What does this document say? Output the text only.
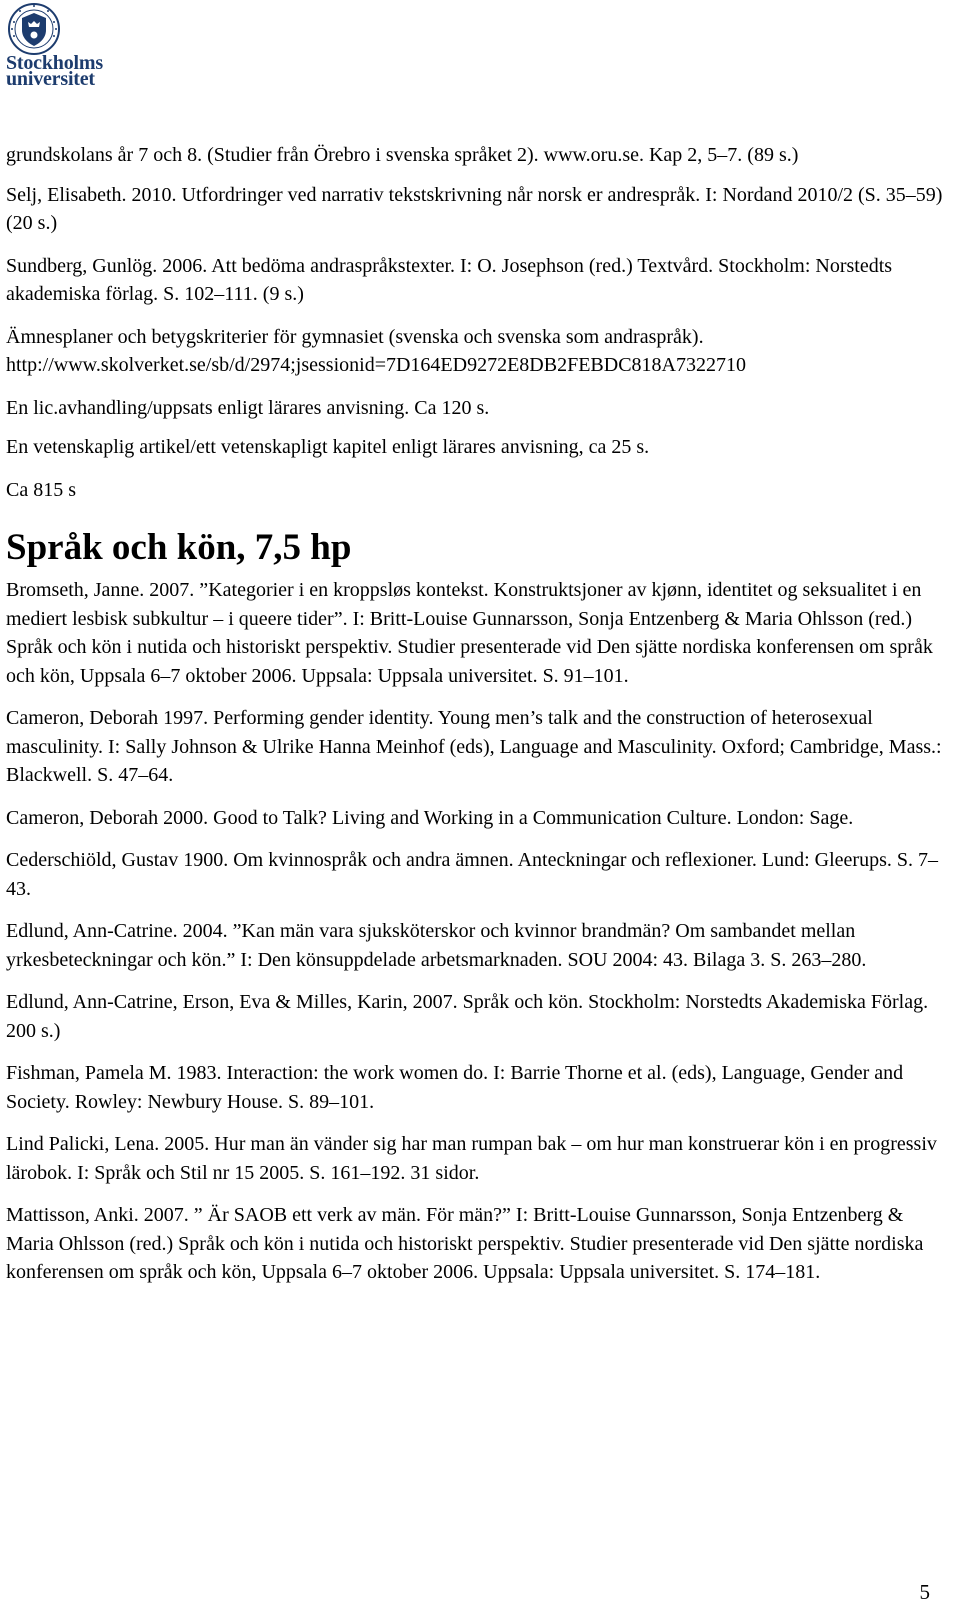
Stockholms
universitet

grundskolans år 7 och 8. (Studier från Örebro i svenska språket 2). www.oru.se. Kap 2, 5–7. (89 s.)

Selj, Elisabeth. 2010. Utfordringer ved narrativ tekstskrivning når norsk er andrespråk. I: Nordand 2010/2 (S. 35–59) (20 s.)

Sundberg, Gunlög. 2006. Att bedöma andraspråkstexter. I: O. Josephson (red.) Textvård. Stockholm: Norstedts akademiska förlag. S. 102–111. (9 s.)

Ämnesplaner och betygskriterier för gymnasiet (svenska och svenska som andraspråk). http://www.skolverket.se/sb/d/2974;jsessionid=7D164ED9272E8DB2FEBDC818A7322710

En lic.avhandling/uppsats enligt lärares anvisning. Ca 120 s.

En vetenskaplig artikel/ett vetenskapligt kapitel enligt lärares anvisning, ca 25 s.

Ca 815 s

Språk och kön, 7,5 hp

Bromseth, Janne. 2007. ”Kategorier i en kroppsløs kontekst. Konstruktsjoner av kjønn, identitet og seksualitet i en mediert lesbisk subkultur – i queere tider”. I: Britt-Louise Gunnarsson, Sonja Entzenberg & Maria Ohlsson (red.) Språk och kön i nutida och historiskt perspektiv. Studier presenterade vid Den sjätte nordiska konferensen om språk och kön, Uppsala 6–7 oktober 2006. Uppsala: Uppsala universitet. S. 91–101.

Cameron, Deborah 1997. Performing gender identity. Young men’s talk and the construction of heterosexual masculinity. I: Sally Johnson & Ulrike Hanna Meinhof (eds), Language and Masculinity. Oxford; Cambridge, Mass.: Blackwell. S. 47–64.

Cameron, Deborah 2000. Good to Talk? Living and Working in a Communication Culture. London: Sage.

Cederschiöld, Gustav 1900. Om kvinnospråk och andra ämnen. Anteckningar och reflexioner. Lund: Gleerups. S. 7–43.

Edlund, Ann-Catrine. 2004. ”Kan män vara sjuksköterskor och kvinnor brandmän? Om sambandet mellan yrkesbeteckningar och kön.” I: Den könsuppdelade arbetsmarknaden. SOU 2004: 43. Bilaga 3. S. 263–280.

Edlund, Ann-Catrine, Erson, Eva & Milles, Karin, 2007. Språk och kön. Stockholm: Norstedts Akademiska Förlag. 200 s.)

Fishman, Pamela M. 1983. Interaction: the work women do. I: Barrie Thorne et al. (eds), Language, Gender and Society. Rowley: Newbury House. S. 89–101.

Lind Palicki, Lena. 2005. Hur man än vänder sig har man rumpan bak – om hur man konstruerar kön i en progressiv lärobok. I: Språk och Stil nr 15 2005. S. 161–192. 31 sidor.

Mattisson, Anki. 2007. ” Är SAOB ett verk av män. För män?” I: Britt-Louise Gunnarsson, Sonja Entzenberg & Maria Ohlsson (red.) Språk och kön i nutida och historiskt perspektiv. Studier presenterade vid Den sjätte nordiska konferensen om språk och kön, Uppsala 6–7 oktober 2006. Uppsala: Uppsala universitet. S. 174–181.

5
